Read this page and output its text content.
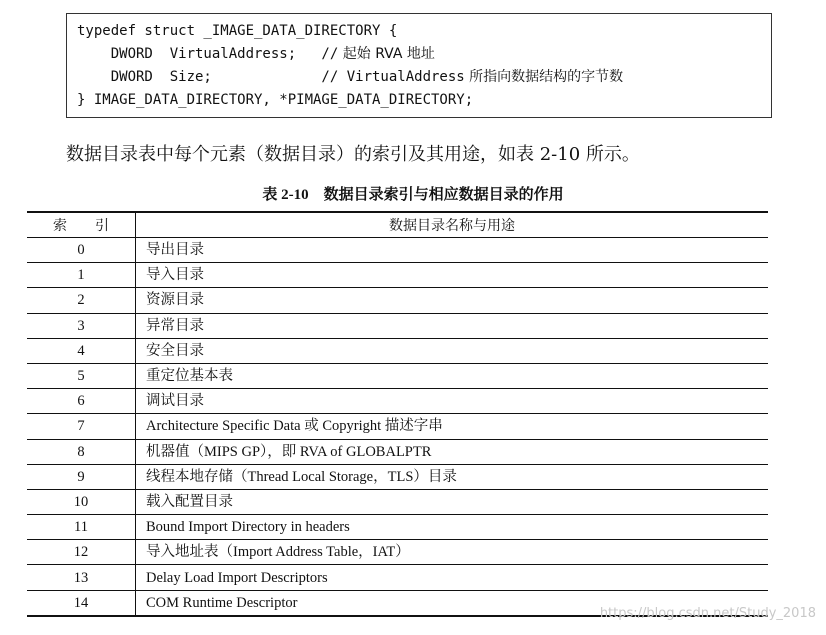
typedef struct _IMAGE_DATA_DIRECTORY {
DWORD  VirtualAddress;   // 起始 RVA 地址
DWORD  Size;             // VirtualAddress 所指向数据结构的字节数
} IMAGE_DATA_DIRECTORY, *PIMAGE_DATA_DIRECTORY;
数据目录表中每个元素（数据目录）的索引及其用途，如表 2-10 所示。
表 2-10　数据目录索引与相应数据目录的作用
索　　引	数据目录名称与用途
0	导出目录
1	导入目录
2	资源目录
3	异常目录
4	安全目录
5	重定位基本表
6	调试目录
7	Architecture Specific Data 或 Copyright 描述字串
8	机器值（MIPS GP），即 RVA of GLOBALPTR
9	线程本地存储（Thread Local Storage，TLS）目录
10	载入配置目录
11	Bound Import Directory in headers
12	导入地址表（Import Address Table，IAT）
13	Delay Load Import Descriptors
14	COM Runtime Descriptor
https://blog.csdn.net/Study_2018
